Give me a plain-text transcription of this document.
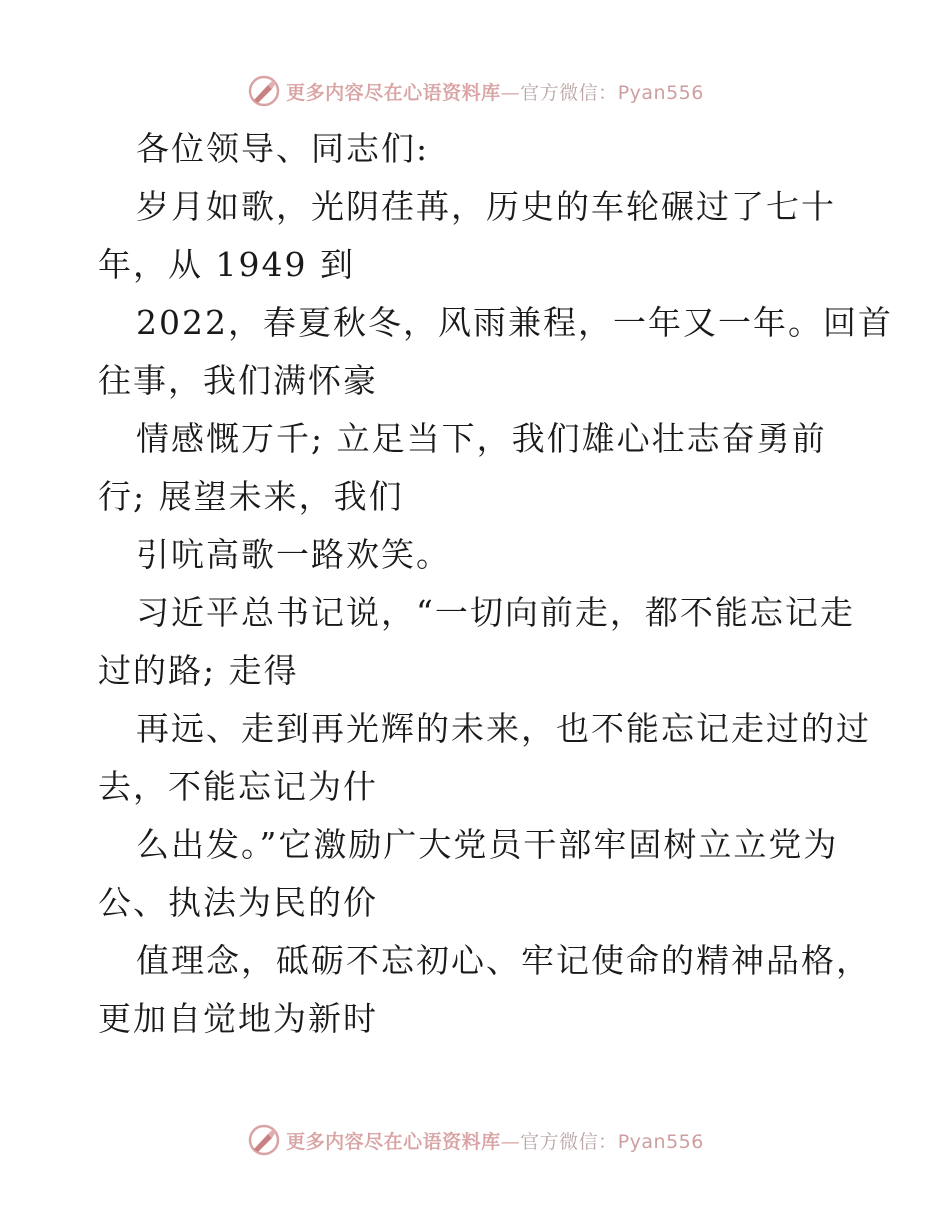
更多内容尽在心语资料库—官方微信：Pyan556
各位领导、同志们:
岁月如歌，光阴荏苒，历史的车轮碾过了七十
年，从 1949 到
2022，春夏秋冬，风雨兼程，一年又一年。回首
往事，我们满怀豪
情感慨万千; 立足当下，我们雄心壮志奋勇前
行; 展望未来，我们
引吭高歌一路欢笑。
习近平总书记说，“一切向前走，都不能忘记走
过的路; 走得
再远、走到再光辉的未来，也不能忘记走过的过
去，不能忘记为什
么出发。”它激励广大党员干部牢固树立立党为
公、执法为民的价
值理念，砥砺不忘初心、牢记使命的精神品格，
更加自觉地为新时
更多内容尽在心语资料库—官方微信：Pyan556
